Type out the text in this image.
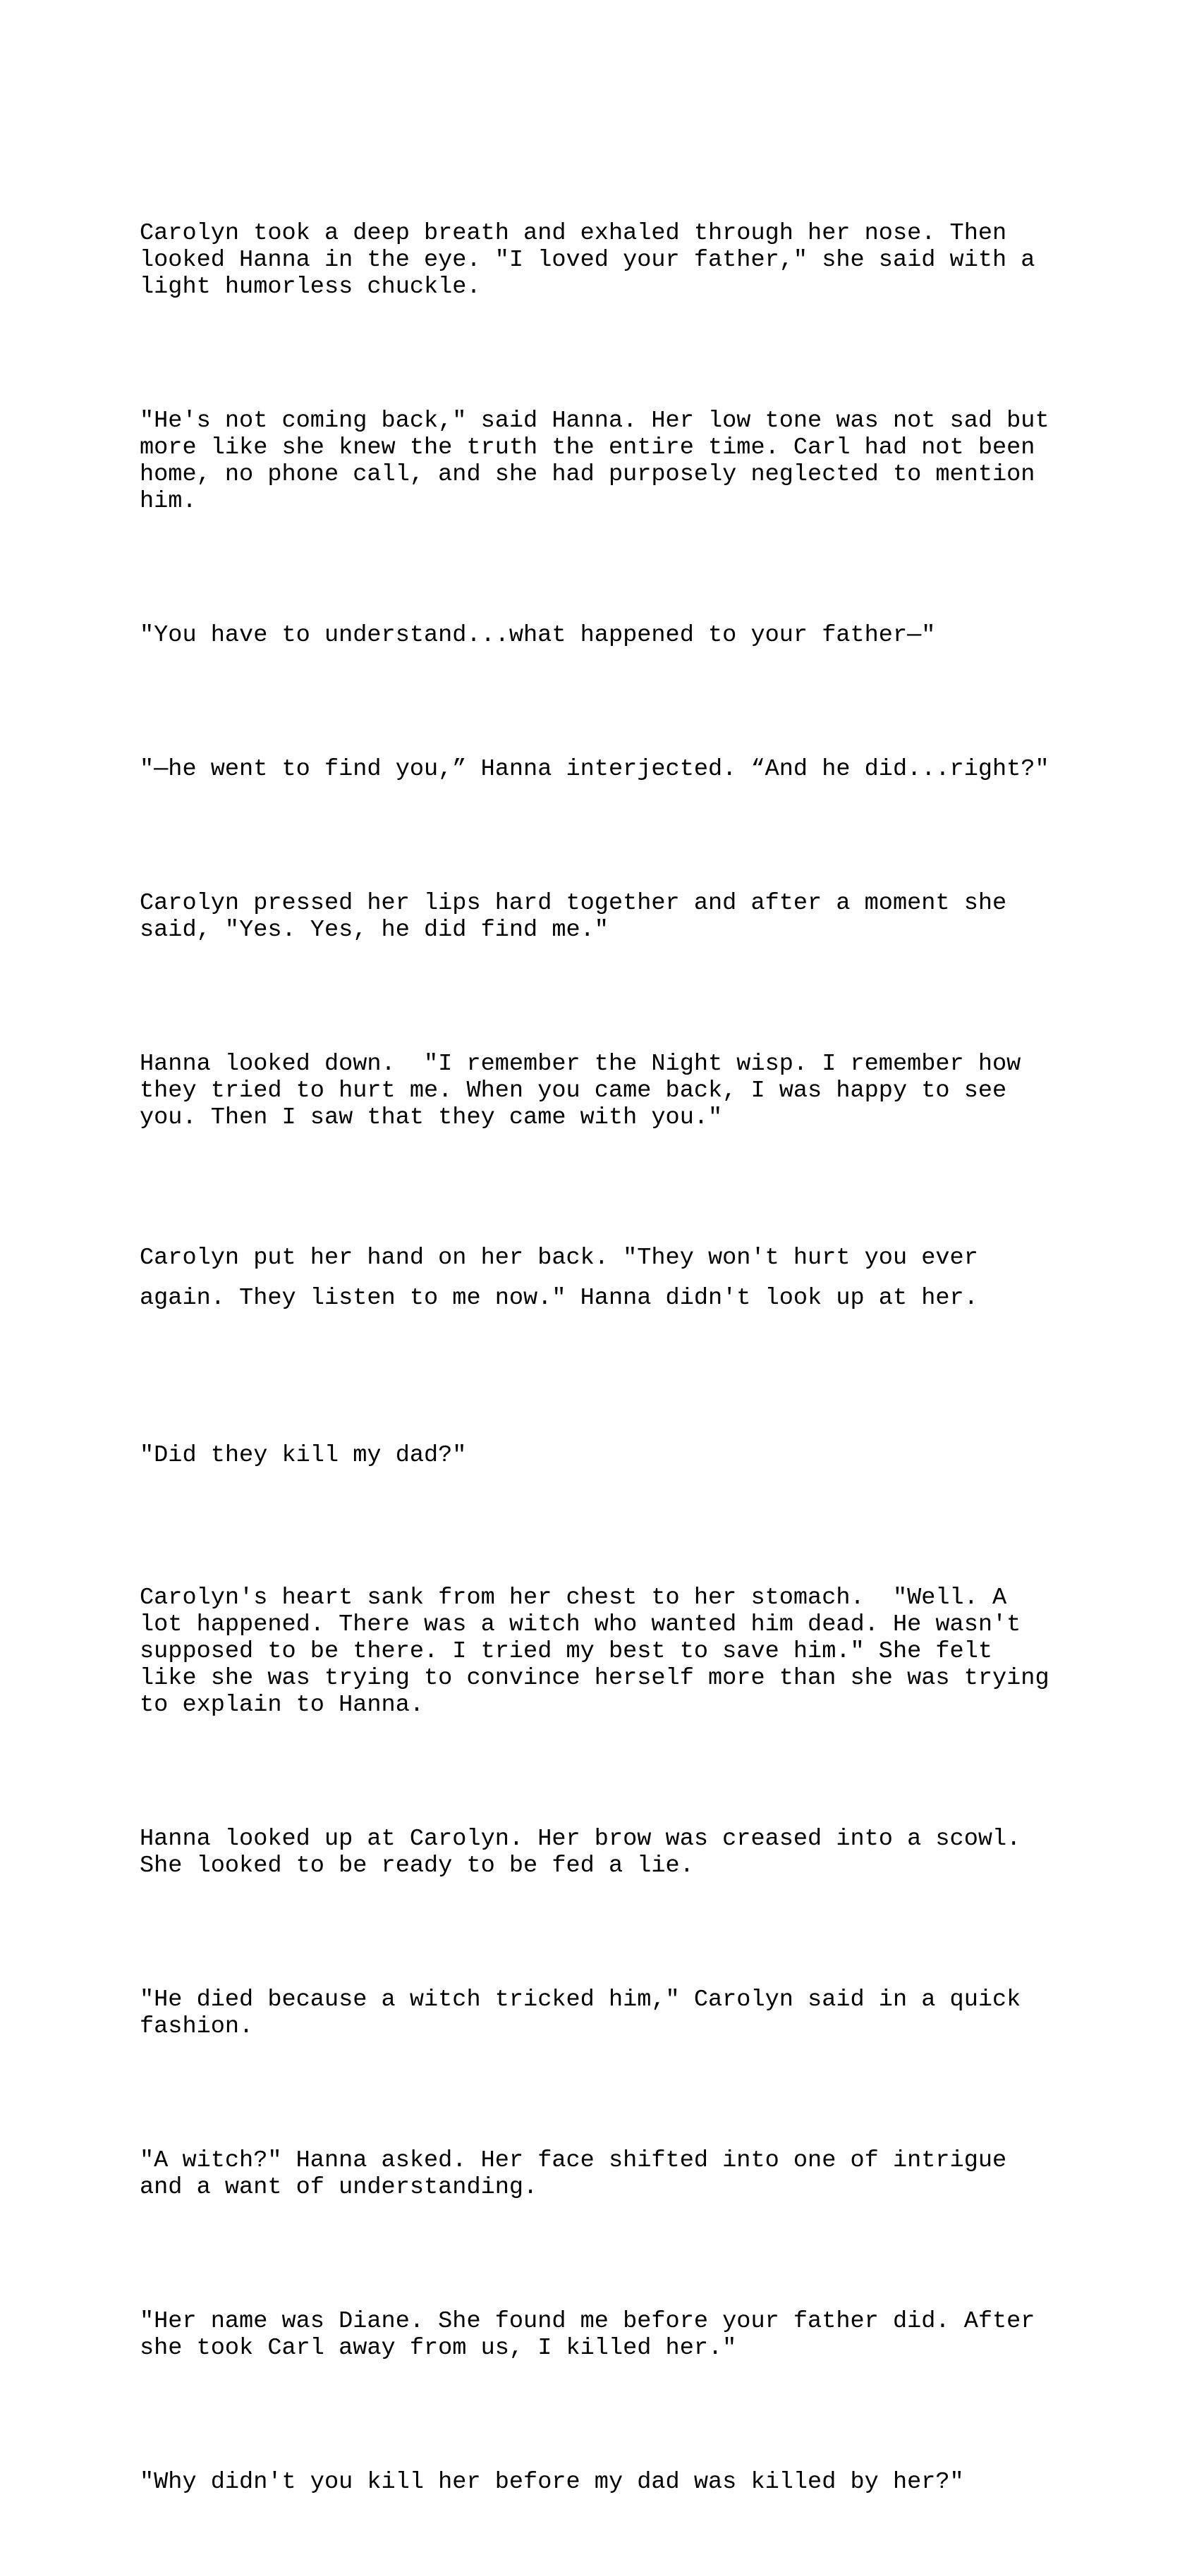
Carolyn took a deep breath and exhaled through her nose. Then looked Hanna in the eye. "I loved your father," she said with a light humorless chuckle.

"He's not coming back," said Hanna. Her low tone was not sad but more like she knew the truth the entire time. Carl had not been home, no phone call, and she had purposely neglected to mention him.

"You have to understand...what happened to your father—"

"—he went to find you,” Hanna interjected. “And he did...right?"

Carolyn pressed her lips hard together and after a moment she said, "Yes. Yes, he did find me."

Hanna looked down.  "I remember the Night wisp. I remember how they tried to hurt me. When you came back, I was happy to see you. Then I saw that they came with you."

Carolyn put her hand on her back. "They won't hurt you ever again. They listen to me now." Hanna didn't look up at her.

"Did they kill my dad?"

Carolyn's heart sank from her chest to her stomach.  "Well. A lot happened. There was a witch who wanted him dead. He wasn't supposed to be there. I tried my best to save him." She felt like she was trying to convince herself more than she was trying to explain to Hanna.

Hanna looked up at Carolyn. Her brow was creased into a scowl. She looked to be ready to be fed a lie.

"He died because a witch tricked him," Carolyn said in a quick fashion.

"A witch?" Hanna asked. Her face shifted into one of intrigue and a want of understanding.

"Her name was Diane. She found me before your father did. After she took Carl away from us, I killed her."

"Why didn't you kill her before my dad was killed by her?"
